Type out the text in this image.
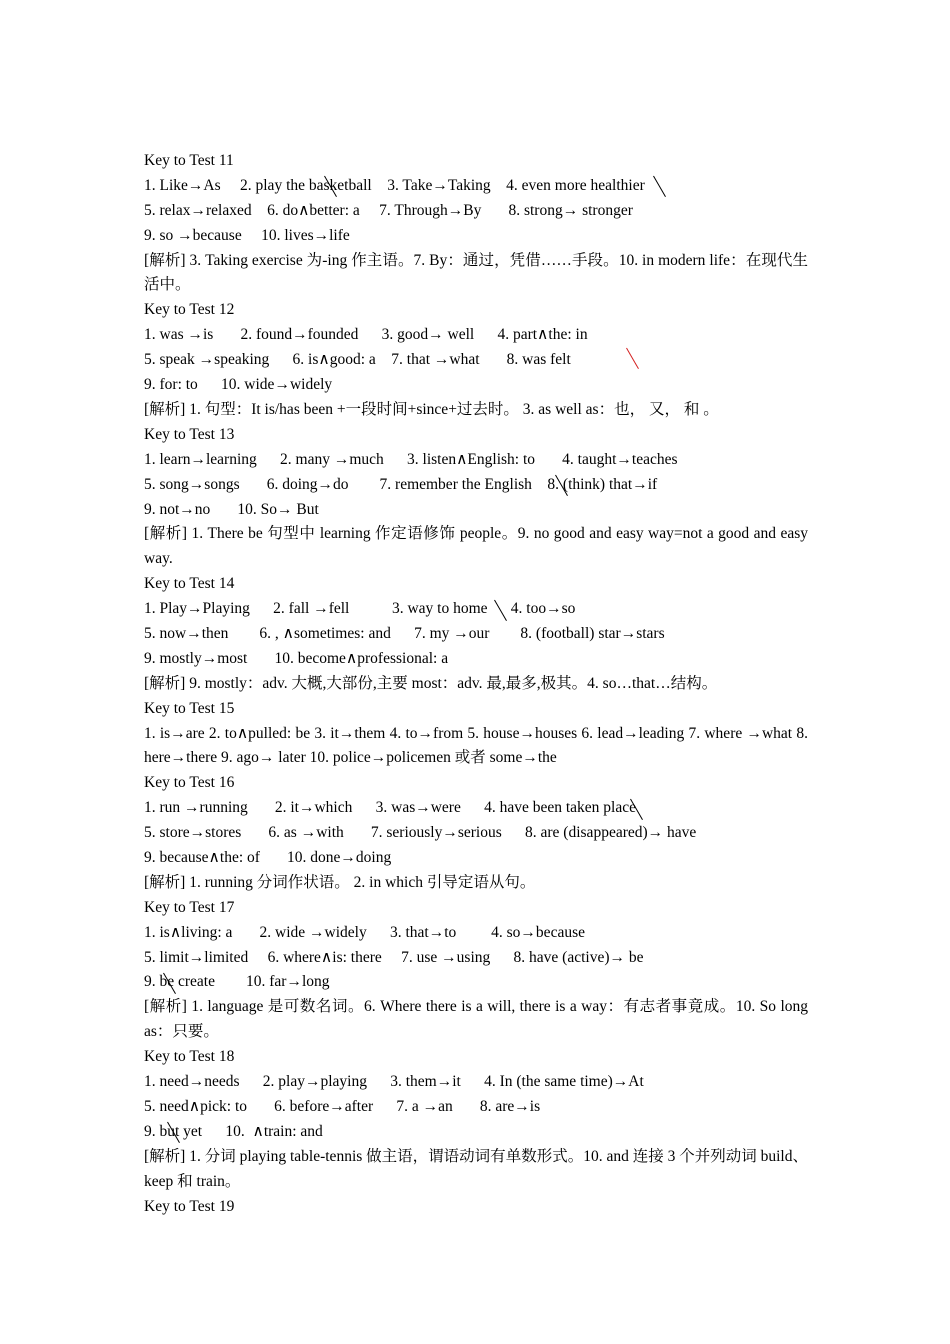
Key to Test 11
1. Like→As     2. play the basketball    3. Take→Taking    4. even more healthier
5. relax→relaxed    6. do∧better: a     7. Through→By       8. strong→ stronger
9. so →because     10. lives→life
[解析] 3. Taking exercise 为-ing 作主语。7. By：通过，凭借……手段。10. in modern life：在现代生活中。
Key to Test 12
1. was →is       2. found→founded      3. good→ well      4. part∧the: in
5. speak →speaking      6. is∧good: a    7. that →what       8. was felt
9. for: to      10. wide→widely
[解析] 1. 句型：It is/has been +一段时间+since+过去时。 3. as well as：也， 又， 和 。
Key to Test 13
1. learn→learning      2. many →much      3. listen∧English: to       4. taught→teaches
5. song→songs       6. doing→do        7. remember the English    8. (think) that→if
9. not→no       10. So→ But
[解析] 1. There be 句型中 learning 作定语修饰 people。9. no good and easy way=not a good and easy way.
Key to Test 14
1. Play→Playing      2. fall →fell           3. way to home      4. too→so
5. now→then        6. , ∧sometimes: and      7. my →our        8. (football) star→stars
9. mostly→most       10. become∧professional: a
[解析] 9. mostly：adv. 大概,大部份,主要 most：adv. 最,最多,极其。4. so…that…结构。
Key to Test 15
1. is→are 2. to∧pulled: be 3. it→them 4. to→from 5. house→houses 6. lead→leading 7. where →what 8. here→there 9. ago→ later 10. police→policemen 或者 some→the
Key to Test 16
1. run →running       2. it→which      3. was→were      4. have been taken place
5. store→stores       6. as →with       7. seriously→serious      8. are (disappeared)→ have
9. because∧the: of       10. done→doing
[解析] 1. running 分词作状语。 2. in which 引导定语从句。
Key to Test 17
1. is∧living: a       2. wide →widely      3. that→to         4. so→because
5. limit→limited     6. where∧is: there     7. use →using      8. have (active)→ be
9. be create        10. far→long
[解析] 1. language 是可数名词。6. Where there is a will, there is a way：有志者事竟成。10. So long as：只要。
Key to Test 18
1. need→needs      2. play→playing      3. them→it      4. In (the same time)→At
5. need∧pick: to       6. before→after      7. a →an       8. are→is
9. but yet      10.  ∧train: and
[解析] 1. 分词 playing table-tennis 做主语，谓语动词有单数形式。10. and 连接 3 个并列动词 build、keep 和 train。
Key to Test 19
